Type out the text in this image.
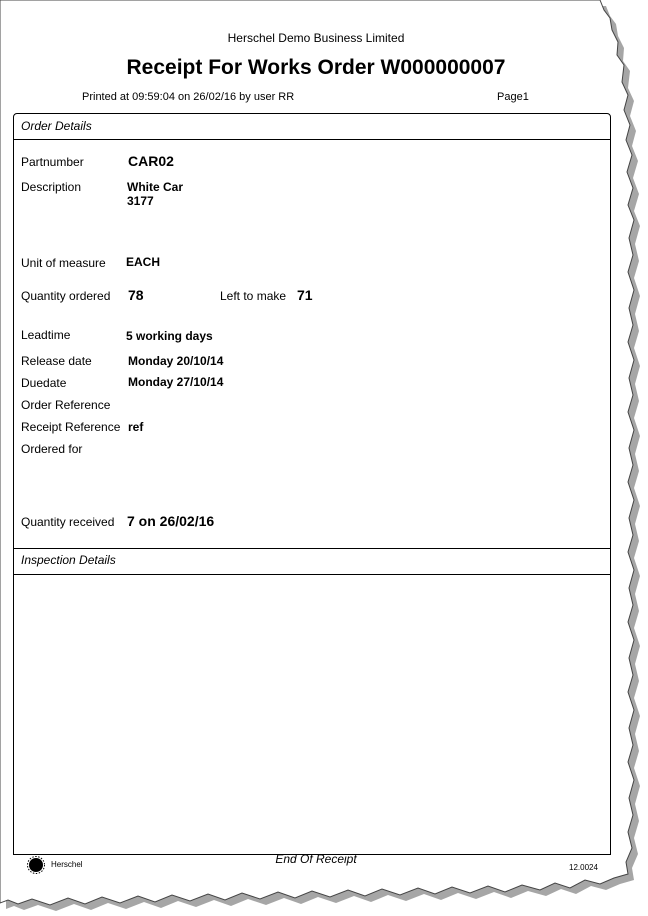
Herschel Demo Business Limited
Receipt For Works Order W000000007
Printed at 09:59:04 on 26/02/16 by user RR	Page1
Order Details
Partnumber	CAR02
Description	White Car
3177
Unit of measure EACH
Quantity ordered 78	Left to make 71
Leadtime	5 working days
Release date	Monday 20/10/14
Duedate	Monday 27/10/14
Order Reference
Receipt Reference ref
Ordered for
Quantity received 7 on 26/02/16
Inspection Details
Herschel	End Of Receipt
12.0024
